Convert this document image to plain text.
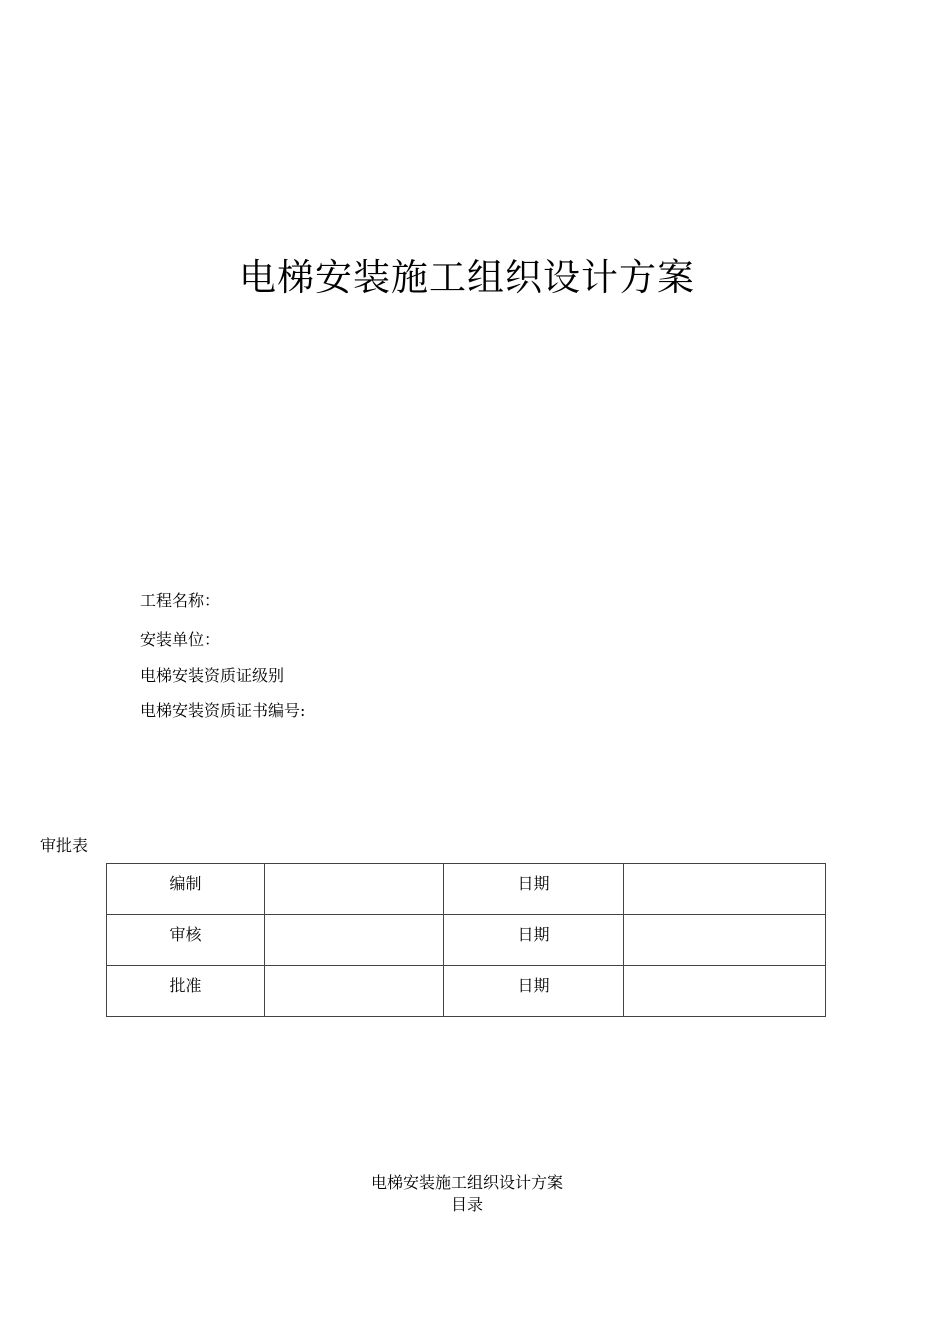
电梯安装施工组织设计方案
工程名称：
安装单位：
电梯安装资质证级别
电梯安装资质证书编号:
审批表
编制		日期	

审核		日期	

批准		日期	

电梯安装施工组织设计方案
目录
